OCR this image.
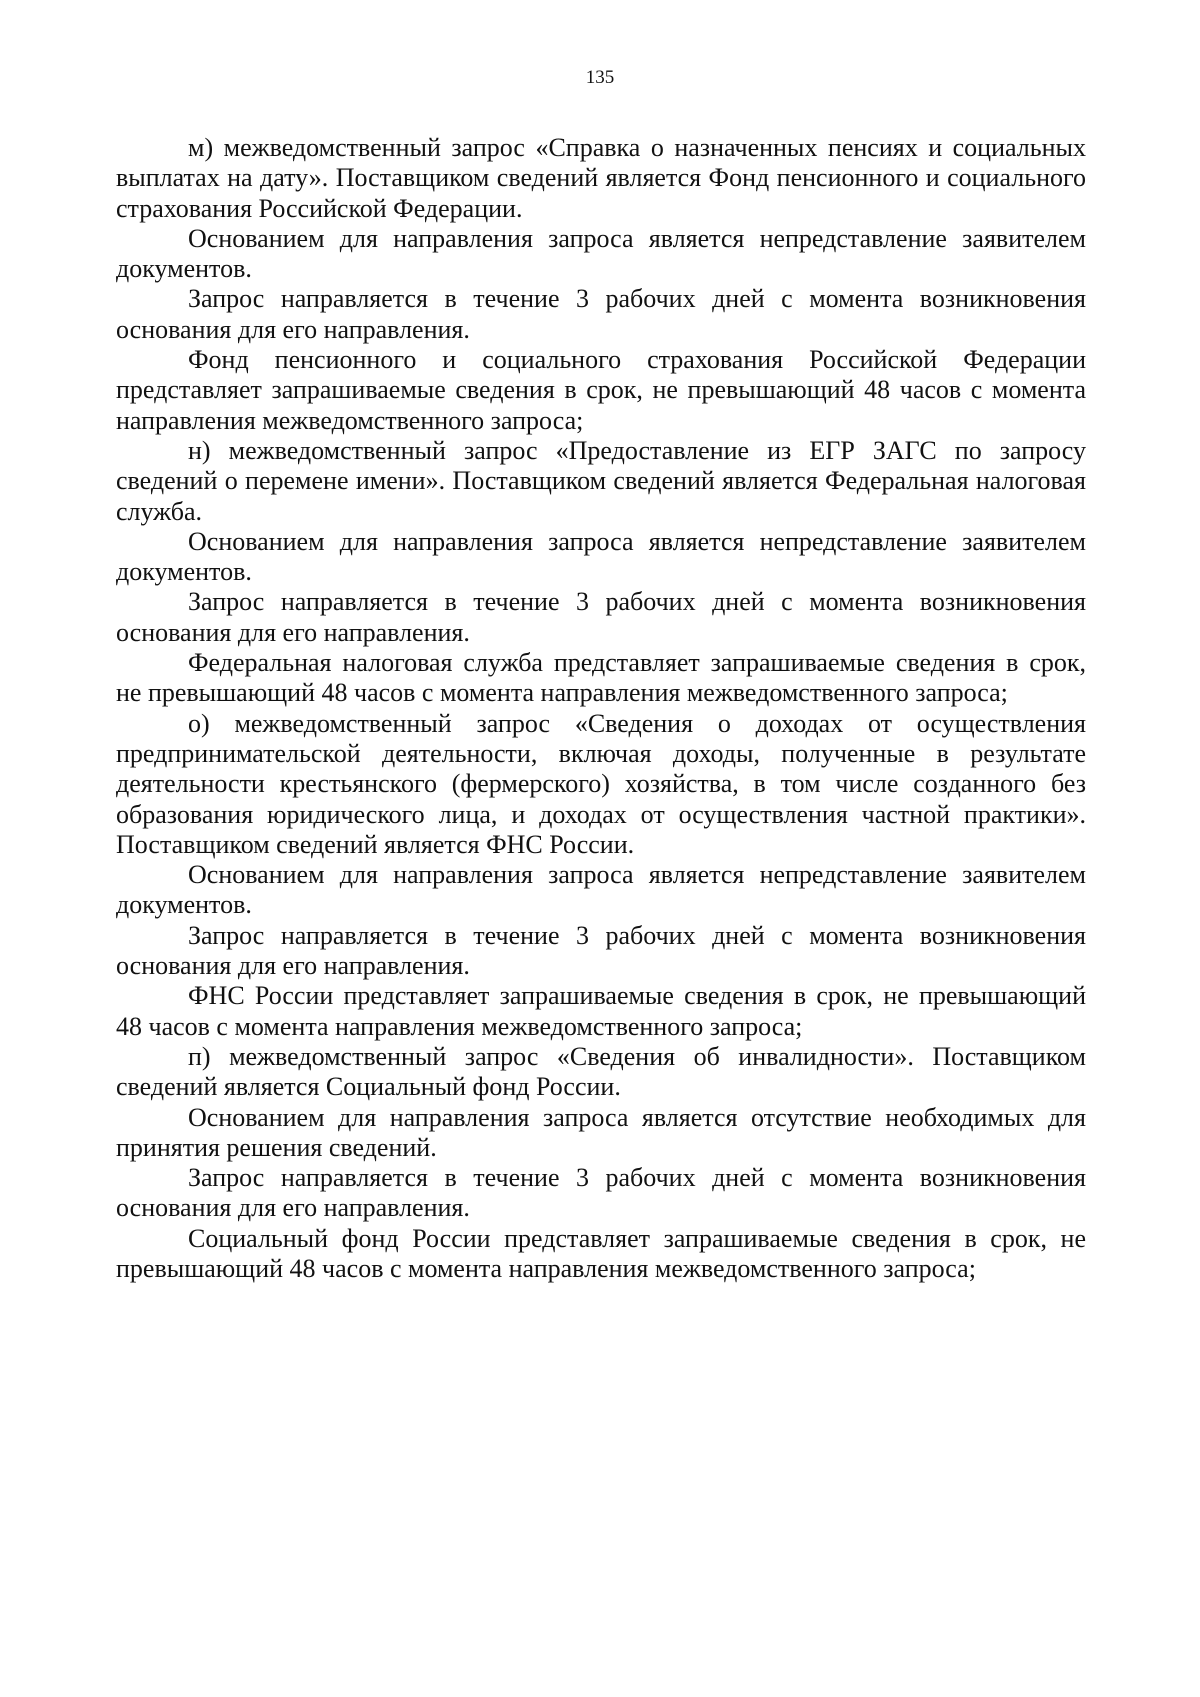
135

м) межведомственный запрос «Справка о назначенных пенсиях и социальных выплатах на дату». Поставщиком сведений является Фонд пенсионного и социального страхования Российской Федерации.

Основанием для направления запроса является непредставление заявителем документов.

Запрос направляется в течение 3 рабочих дней с момента возникновения основания для его направления.

Фонд пенсионного и социального страхования Российской Федерации представляет запрашиваемые сведения в срок, не превышающий 48 часов с момента направления межведомственного запроса;

н) межведомственный запрос «Предоставление из ЕГР ЗАГС по запросу сведений о перемене имени». Поставщиком сведений является Федеральная налоговая служба.

Основанием для направления запроса является непредставление заявителем документов.

Запрос направляется в течение 3 рабочих дней с момента возникновения основания для его направления.

Федеральная налоговая служба представляет запрашиваемые сведения в срок, не превышающий 48 часов с момента направления межведомственного запроса;

о) межведомственный запрос «Сведения о доходах от осуществления предпринимательской деятельности, включая доходы, полученные в результате деятельности крестьянского (фермерского) хозяйства, в том числе созданного без образования юридического лица, и доходах от осуществления частной практики». Поставщиком сведений является ФНС России.

Основанием для направления запроса является непредставление заявителем документов.

Запрос направляется в течение 3 рабочих дней с момента возникновения основания для его направления.

ФНС России представляет запрашиваемые сведения в срок, не превышающий 48 часов с момента направления межведомственного запроса;

п) межведомственный запрос «Сведения об инвалидности». Поставщиком сведений является Социальный фонд России.

Основанием для направления запроса является отсутствие необходимых для принятия решения сведений.

Запрос направляется в течение 3 рабочих дней с момента возникновения основания для его направления.

Социальный фонд России представляет запрашиваемые сведения в срок, не превышающий 48 часов с момента направления межведомственного запроса;
